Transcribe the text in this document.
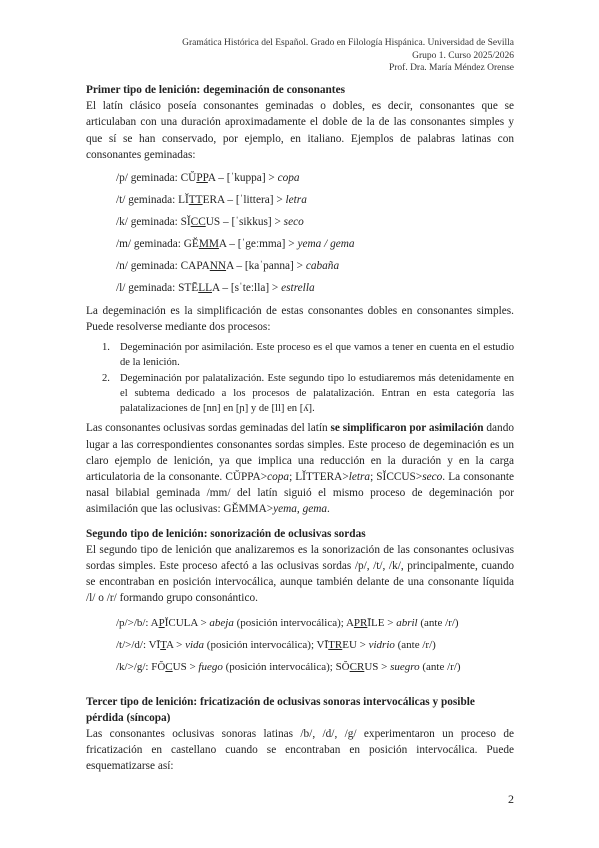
Gramática Histórica del Español. Grado en Filología Hispánica. Universidad de Sevilla
Grupo 1. Curso 2025/2026
Prof. Dra. María Méndez Orense

Primer tipo de lenición: degeminación de consonantes

El latín clásico poseía consonantes geminadas o dobles, es decir, consonantes que se articulaban con una duración aproximadamente el doble de la de las consonantes simples y que sí se han conservado, por ejemplo, en italiano. Ejemplos de palabras latinas con consonantes geminadas:

/p/ geminada: CŬPPA – [ˈkuppa] > copa
/t/ geminada: LĬTTERA – [ˈlittera] > letra
/k/ geminada: SĬCCUS – [ˈsikkus] > seco
/m/ geminada: GĔMMA – [ˈgeːmma] > yema / gema
/n/ geminada: CAPANNA – [kaˈpanna] > cabaña
/l/ geminada: STĒLLA – [sˈteːlla] > estrella

La degeminación es la simplificación de estas consonantes dobles en consonantes simples. Puede resolverse mediante dos procesos:

1. Degeminación por asimilación. Este proceso es el que vamos a tener en cuenta en el estudio de la lenición.
2. Degeminación por palatalización. Este segundo tipo lo estudiaremos más detenidamente en el subtema dedicado a los procesos de palatalización. Entran en esta categoría las palatalizaciones de [nn] en [ɲ] y de [ll] en [ʎ].

Las consonantes oclusivas sordas geminadas del latín se simplificaron por asimilación dando lugar a las correspondientes consonantes sordas simples. Este proceso de degeminación es un claro ejemplo de lenición, ya que implica una reducción en la duración y en la carga articulatoria de la consonante. CŬPPA>copa; LĬTTERA>letra; SĬCCUS>seco. La consonante nasal bilabial geminada /mm/ del latín siguió el mismo proceso de degeminación por asimilación que las oclusivas: GĔMMA>yema, gema.

Segundo tipo de lenición: sonorización de oclusivas sordas

El segundo tipo de lenición que analizaremos es la sonorización de las consonantes oclusivas sordas simples. Este proceso afectó a las oclusivas sordas /p/, /t/, /k/, principalmente, cuando se encontraban en posición intervocálica, aunque también delante de una consonante líquida /l/ o /r/ formando grupo consonántico.

/p/>/b/: APĬCULA > abeja (posición intervocálica); APRĪLE > abril (ante /r/)
/t/>/d/: VĪTA > vida (posición intervocálica); VĪTREU > vidrio (ante /r/)
/k/>/g/: FŎCUS > fuego (posición intervocálica); SŎCRUS > suegro (ante /r/)

Tercer tipo de lenición: fricatización de oclusivas sonoras intervocálicas y posible pérdida (síncopa)

Las consonantes oclusivas sonoras latinas /b/, /d/, /g/ experimentaron un proceso de fricatización en castellano cuando se encontraban en posición intervocálica. Puede esquematizarse así:

2
